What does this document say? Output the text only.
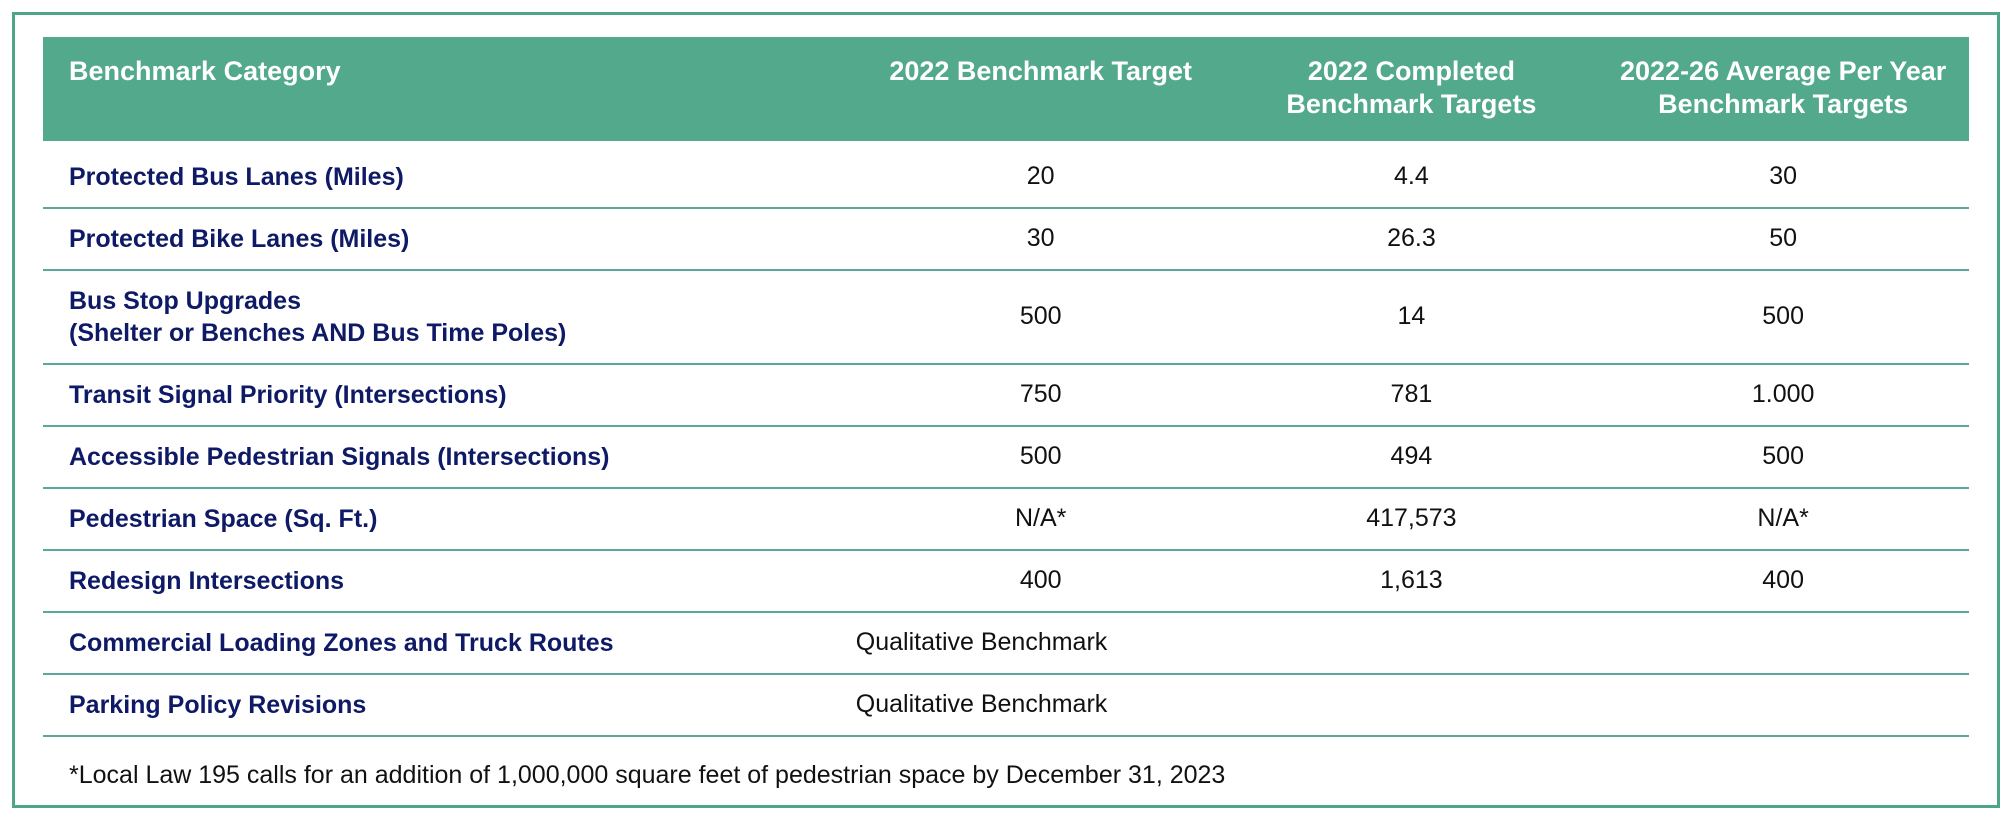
Benchmark Category	2022 Benchmark Target	2022 Completed Benchmark Targets	2022-26 Average Per Year Benchmark Targets
Protected Bus Lanes (Miles)	20	4.4	30
Protected Bike Lanes (Miles)	30	26.3	50
Bus Stop Upgrades
(Shelter or Benches AND Bus Time Poles)	500	14	500
Transit Signal Priority (Intersections)	750	781	1.000
Accessible Pedestrian Signals (Intersections)	500	494	500
Pedestrian Space (Sq. Ft.)	N/A*	417,573	N/A*
Redesign Intersections	400	1,613	400
Commercial Loading Zones and Truck Routes	Qualitative Benchmark		
Parking Policy Revisions	Qualitative Benchmark		
*Local Law 195 calls for an addition of 1,000,000 square feet of pedestrian space by December 31, 2023
